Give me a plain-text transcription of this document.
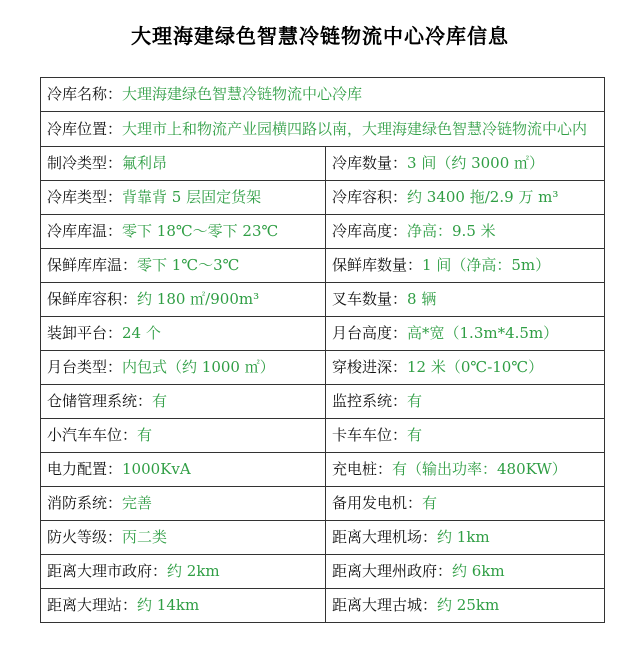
大理海建绿色智慧冷链物流中心冷库信息
冷库名称：大理海建绿色智慧冷链物流中心冷库	
冷库位置：大理市上和物流产业园横四路以南，大理海建绿色智慧冷链物流中心内	
制冷类型：氟利昂	冷库数量：3 间（约 3000 ㎡）
冷库类型：背靠背 5 层固定货架	冷库容积：约 3400 拖/2.9 万 m³
冷库库温：零下 18℃～零下 23℃	冷库高度：净高：9.5 米
保鲜库库温：零下 1℃～3℃	保鲜库数量：1 间（净高：5m）
保鲜库容积：约 180 ㎡/900m³	叉车数量：8 辆
装卸平台：24 个	月台高度：高*宽（1.3m*4.5m）
月台类型：内包式（约 1000 ㎡）	穿梭进深：12 米（0℃-10℃）
仓储管理系统：有	监控系统：有
小汽车车位：有	卡车车位：有
电力配置：1000KvA	充电桩：有（输出功率：480KW）
消防系统：完善	备用发电机：有
防火等级：丙二类	距离大理机场：约 1km
距离大理市政府：约 2km	距离大理州政府：约 6km
距离大理站：约 14km	距离大理古城：约 25km
